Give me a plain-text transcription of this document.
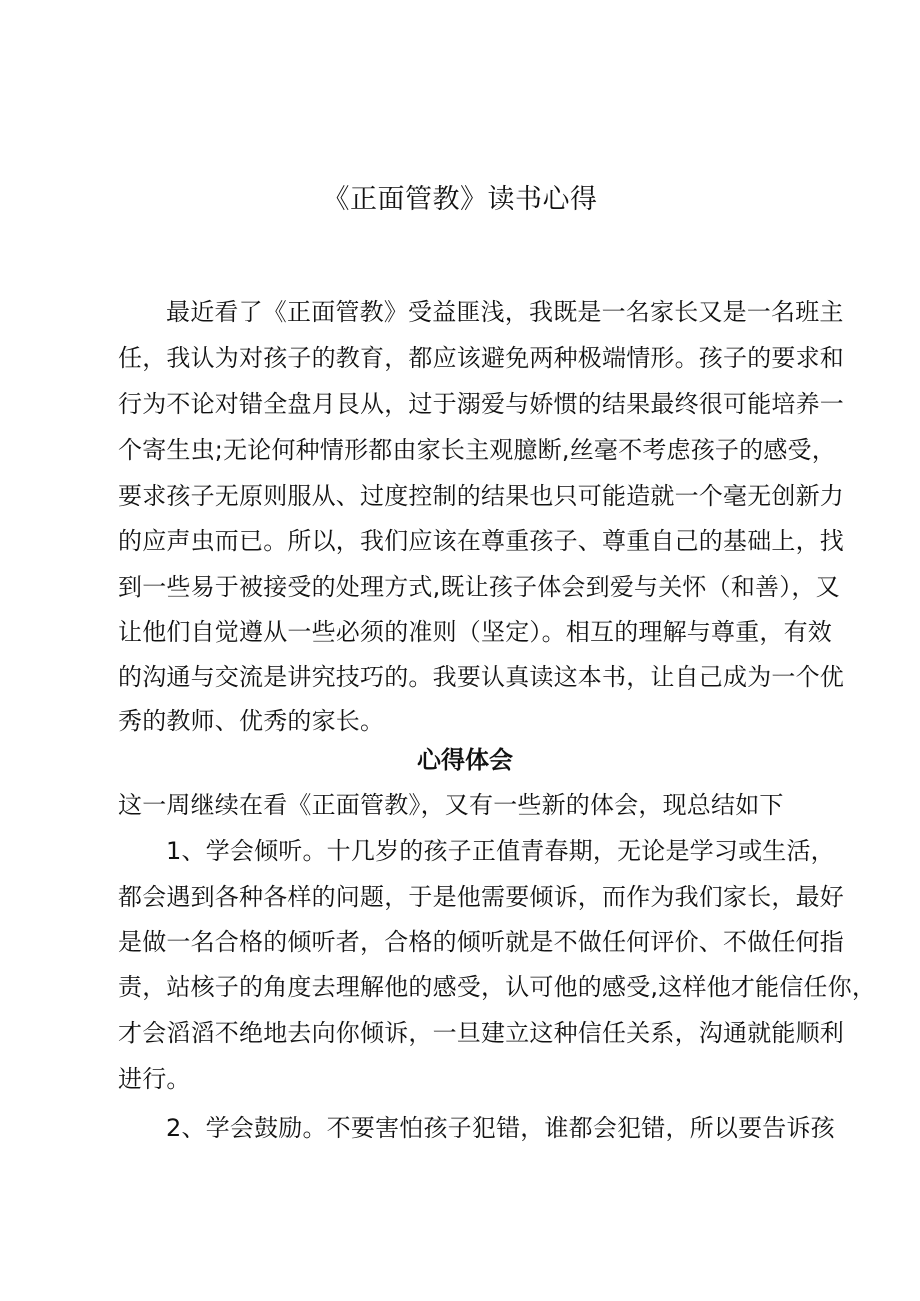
《正面管教》读书心得
最近看了《正面管教》受益匪浅，我既是一名家长又是一名班主
任，我认为对孩子的教育，都应该避免两种极端情形。孩子的要求和
行为不论对错全盘月艮从，过于溺爱与娇惯的结果最终很可能培养一
个寄生虫;无论何种情形都由家长主观臆断,丝毫不考虑孩子的感受，
要求孩子无原则服从、过度控制的结果也只可能造就一个毫无创新力
的应声虫而已。所以，我们应该在尊重孩子、尊重自己的基础上，找
到一些易于被接受的处理方式,既让孩子体会到爱与关怀（和善），又
让他们自觉遵从一些必须的准则（坚定）。相互的理解与尊重，有效
的沟通与交流是讲究技巧的。我要认真读这本书，让自己成为一个优
秀的教师、优秀的家长。
心得体会
这一周继续在看《正面管教》，又有一些新的体会，现总结如下
1、学会倾听。十几岁的孩子正值青春期，无论是学习或生活，
都会遇到各种各样的问题，于是他需要倾诉，而作为我们家长，最好
是做一名合格的倾听者，合格的倾听就是不做任何评价、不做任何指
责，站核子的角度去理解他的感受，认可他的感受,这样他才能信任你，
才会滔滔不绝地去向你倾诉，一旦建立这种信任关系，沟通就能顺利
进行。
2、学会鼓励。不要害怕孩子犯错，谁都会犯错，所以要告诉孩
